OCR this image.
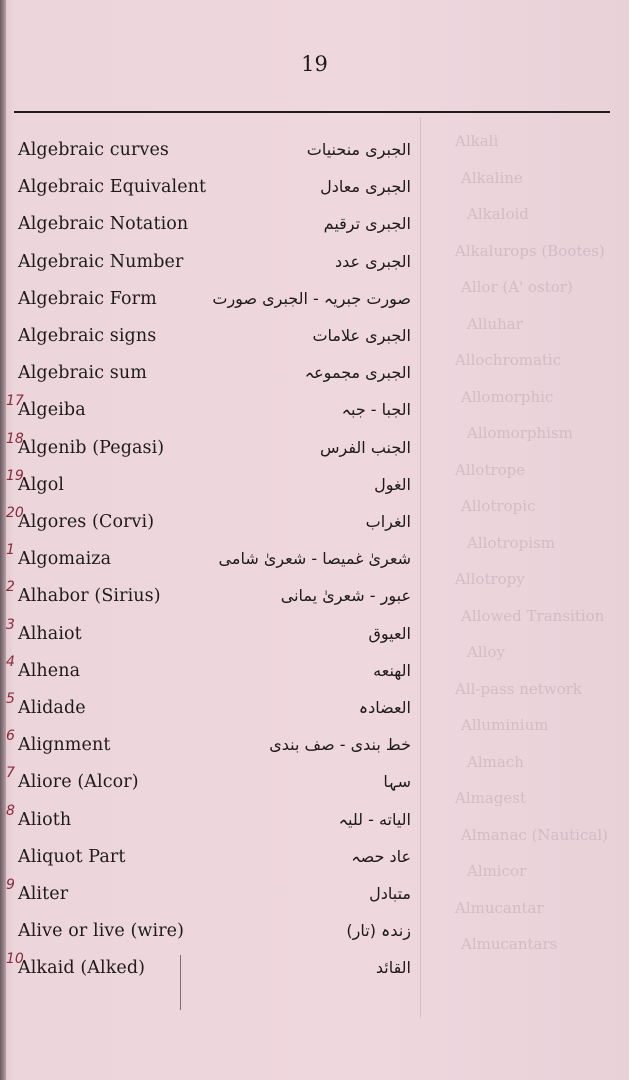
19
Algebraic curves	الجبری منحنیات
Algebraic Equivalent	الجبری معادل
Algebraic Notation	الجبری ترقیم
Algebraic Number	الجبری عدد
Algebraic Form	صورت جبریہ - الجبری صورت
Algebraic signs	الجبری علامات
Algebraic sum	الجبری مجموعہ
17
Algeiba	الجبا - جبہ
18
Algenib (Pegasi)	الجنب الفرس
19
Algol	الغول
20
Algores (Corvi)	الغراب
1 Algomaiza	شعریٰ غمیصا - شعریٰ شامی
2 Alhabor (Sirius)	عبور - شعریٰ یمانی
3 Alhaiot	العیوق
4 Alhena	الهنعه
5 Alidade	العضادہ
6 Alignment	خط بندی - صف بندی
7 Aliore (Alcor)	سہا
8 Alioth	الیاته - للیہ
Aliquot Part	عاد حصہ
9 Aliter	متبادل
Alive or live (wire)	زندہ (تار)
10
Alkaid (Alked)	القائد
Alkali
Alkaline
Alkaloid
Alkalurops (Bootes)
Allor (A' ostor)
Alluhar
Allochromatic
Allomorphic
Allomorphism
Allotrope
Allotropic
Allotropism
Allotropy
Allowed Transition
Alloy
All-pass network
Alluminium
Almach
Almagest
Almanac (Nautical)
Almicor
Almucantar
Almucantars
